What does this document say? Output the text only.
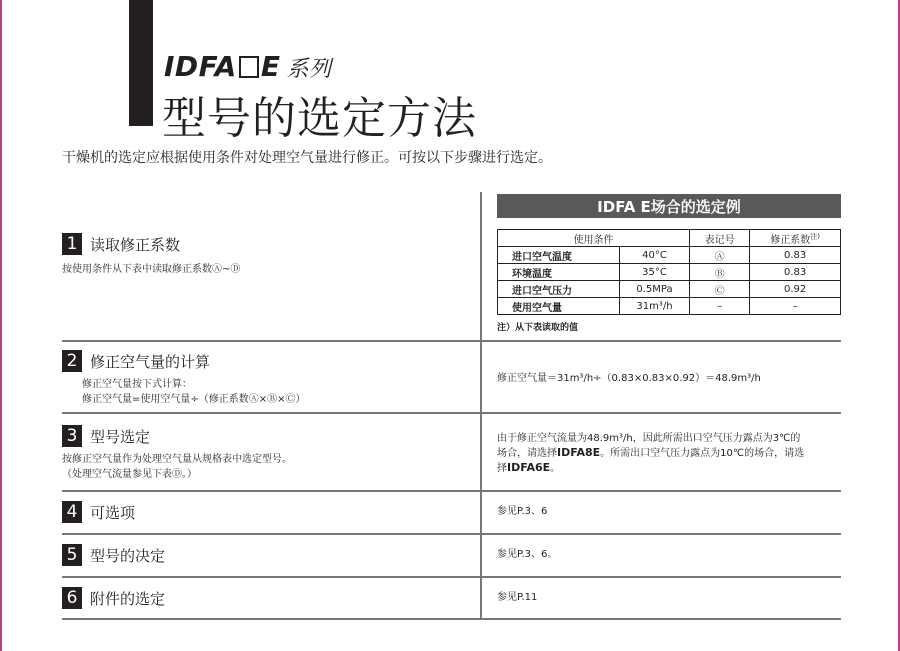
IDFA E 系列
型号的选定方法
干燥机的选定应根据使用条件对处理空气量进行修正。可按以下步骤进行选定。
1 读取修正系数
按使用条件从下表中读取修正系数Ⓐ~Ⓓ
2 修正空气量的计算
修正空气量按下式计算：
修正空气量=使用空气量÷（修正系数Ⓐ×Ⓑ×Ⓒ）
3 型号选定
按修正空气量作为处理空气量从规格表中选定型号。
（处理空气流量参见下表Ⓓ。）
4 可选项
5 型号的决定
6 附件的选定
IDFA E场合的选定例
使用条件		表记号	修正系数$^{注)}$
进口空气温度	40°C	Ⓐ	0.83
环境温度	35°C	Ⓑ	0.83
进口空气压力	0.5MPa	Ⓒ	0.92
使用空气量	31m³/h	–	–
注）从下表读取的值
修正空气量＝31m³/h÷（0.83×0.83×0.92）＝48.9m³/h
由于修正空气流量为48.9m³/h，因此所需出口空气压力露点为3℃的
场合，请选择IDFA8E。所需出口空气压力露点为10℃的场合，请选
择IDFA6E。
参见P.3、6
参见P.3、6。
参见P.11
